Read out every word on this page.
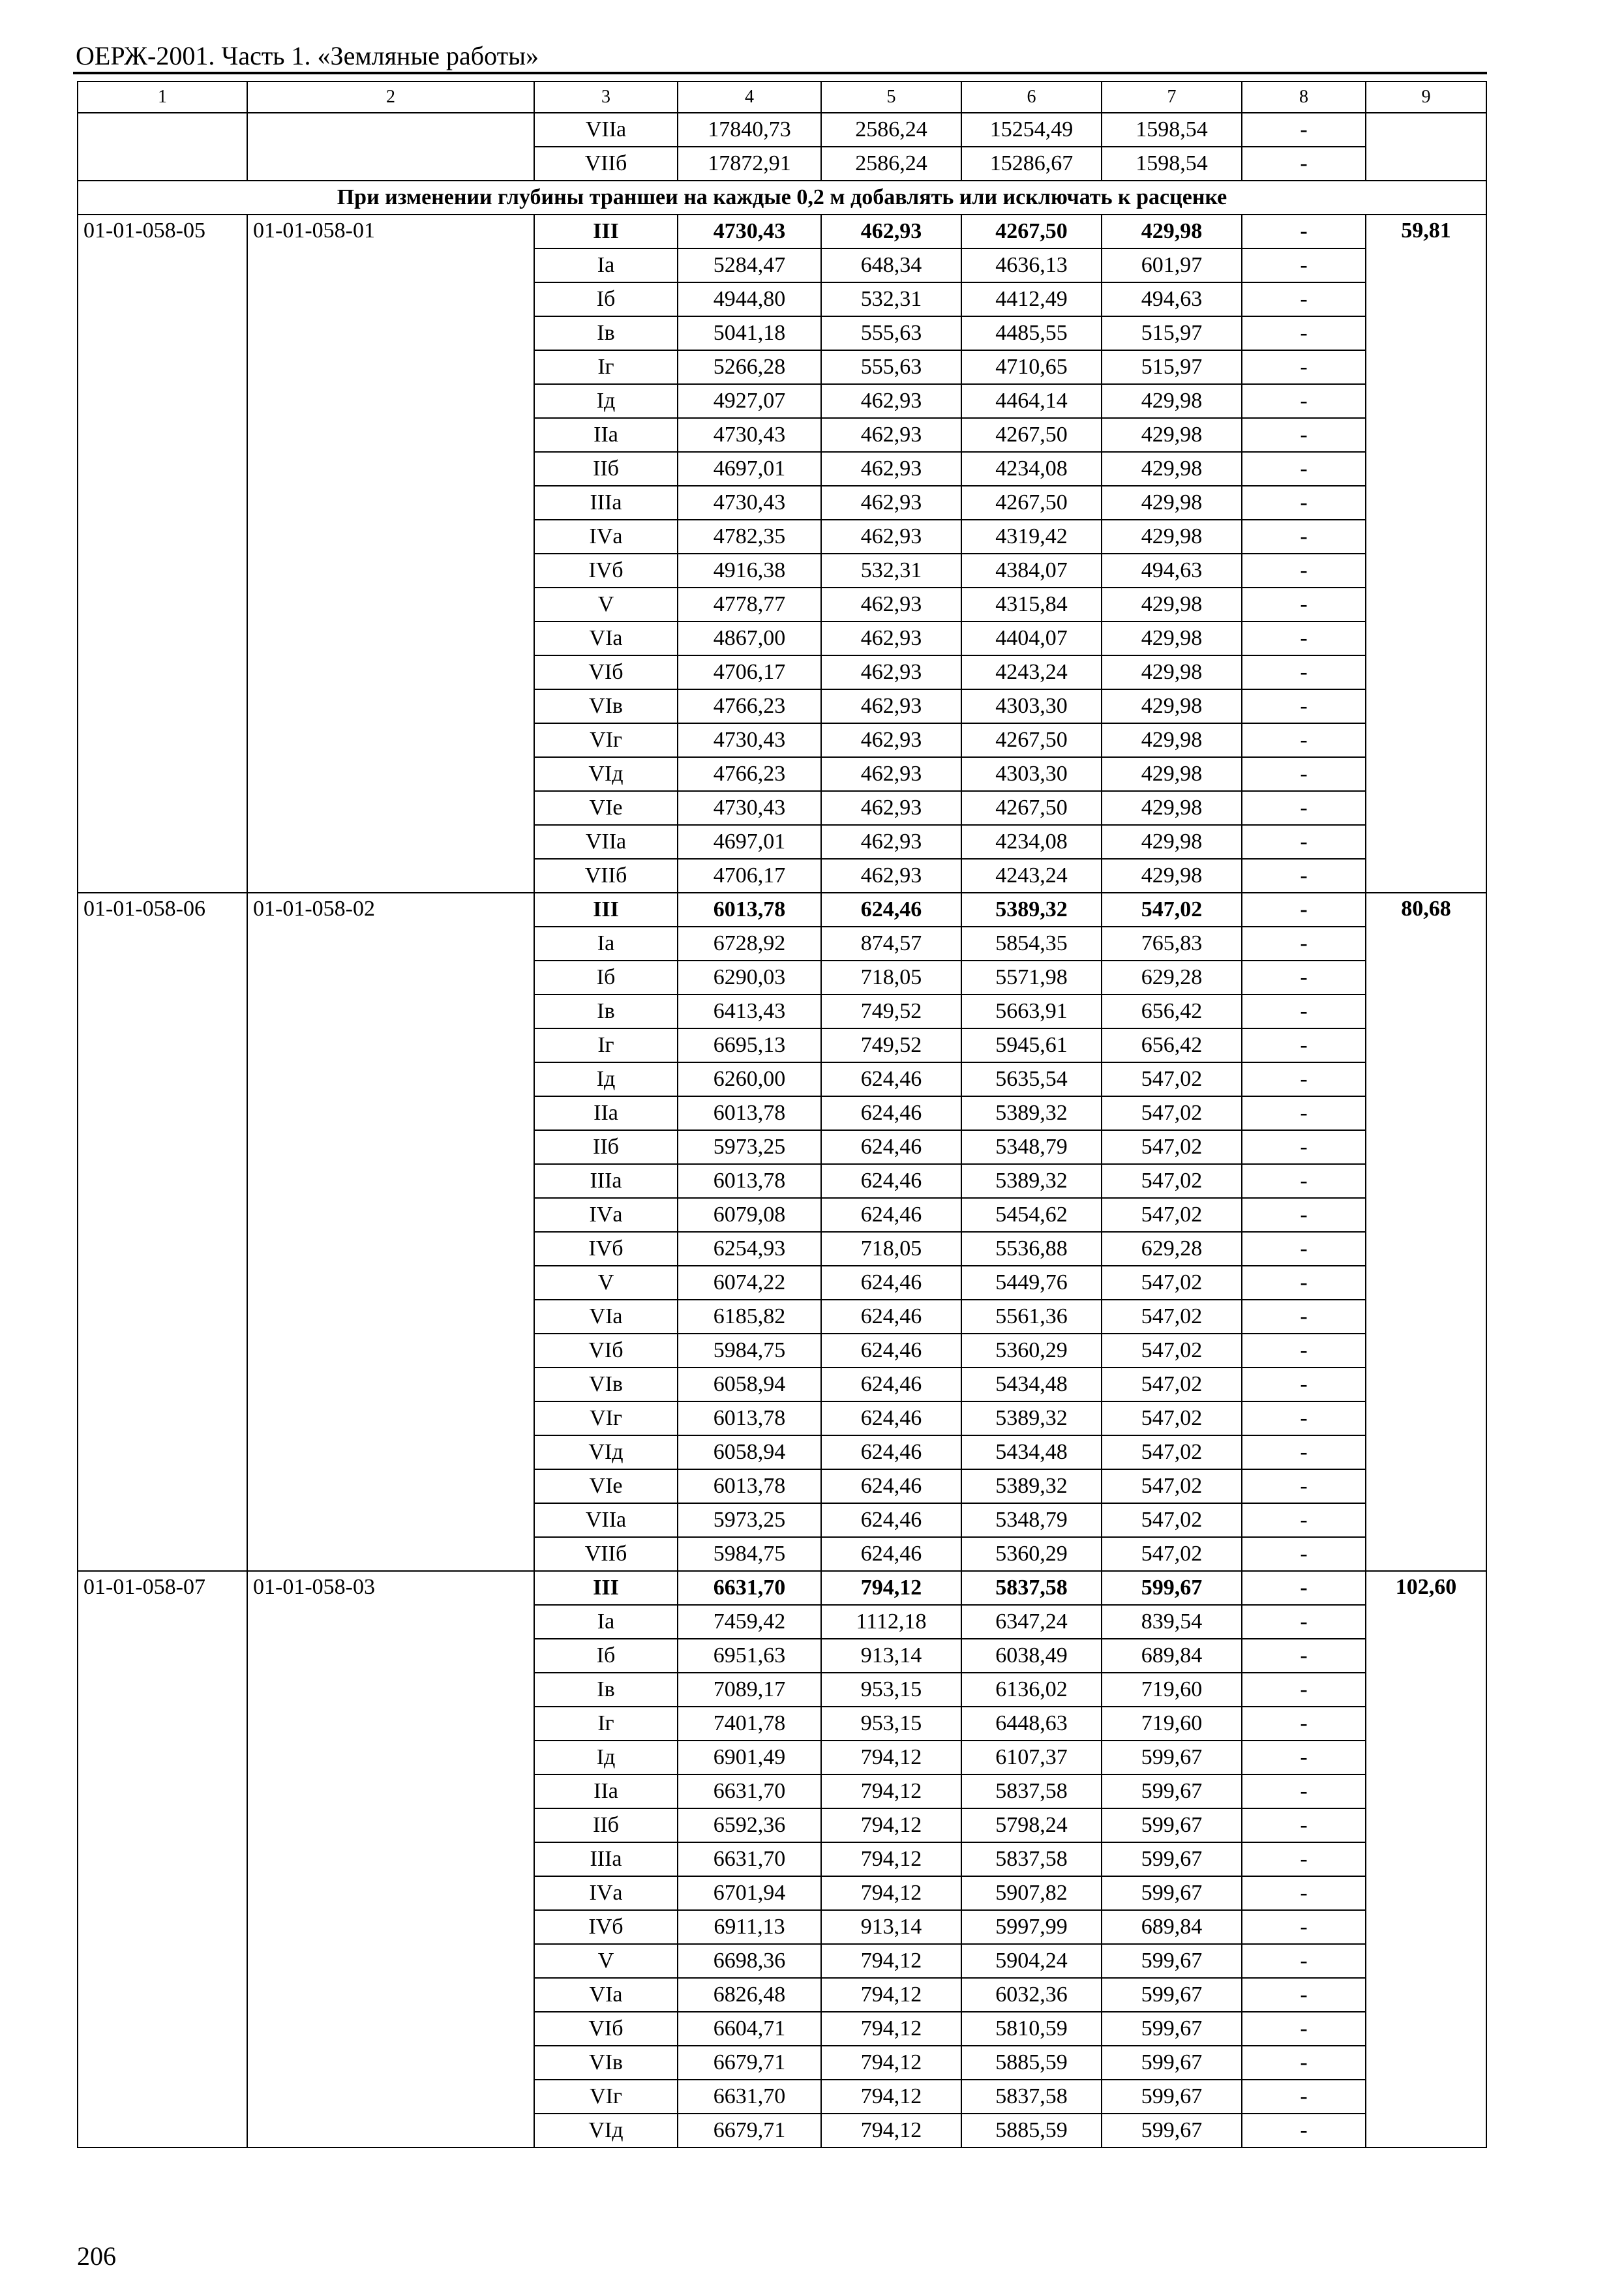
ОЕРЖ-2001. Часть 1. «Земляные работы»
1	2	3	4	5	6	7	8	9
		VIIа	17840,73	2586,24	15254,49	1598,54	-	
		VIIб	17872,91	2586,24	15286,67	1598,54	-	
При изменении глубины траншеи на каждые 0,2 м добавлять или исключать к расценке								
01-01-058-05	01-01-058-01	III	4730,43	462,93	4267,50	429,98	-	59,81
		Iа	5284,47	648,34	4636,13	601,97	-	
		Iб	4944,80	532,31	4412,49	494,63	-	
		Iв	5041,18	555,63	4485,55	515,97	-	
		Iг	5266,28	555,63	4710,65	515,97	-	
		Iд	4927,07	462,93	4464,14	429,98	-	
		IIа	4730,43	462,93	4267,50	429,98	-	
		IIб	4697,01	462,93	4234,08	429,98	-	
		IIIа	4730,43	462,93	4267,50	429,98	-	
		IVа	4782,35	462,93	4319,42	429,98	-	
		IVб	4916,38	532,31	4384,07	494,63	-	
		V	4778,77	462,93	4315,84	429,98	-	
		VIа	4867,00	462,93	4404,07	429,98	-	
		VIб	4706,17	462,93	4243,24	429,98	-	
		VIв	4766,23	462,93	4303,30	429,98	-	
		VIг	4730,43	462,93	4267,50	429,98	-	
		VIд	4766,23	462,93	4303,30	429,98	-	
		VIе	4730,43	462,93	4267,50	429,98	-	
		VIIа	4697,01	462,93	4234,08	429,98	-	
		VIIб	4706,17	462,93	4243,24	429,98	-	
01-01-058-06	01-01-058-02	III	6013,78	624,46	5389,32	547,02	-	80,68
		Iа	6728,92	874,57	5854,35	765,83	-	
		Iб	6290,03	718,05	5571,98	629,28	-	
		Iв	6413,43	749,52	5663,91	656,42	-	
		Iг	6695,13	749,52	5945,61	656,42	-	
		Iд	6260,00	624,46	5635,54	547,02	-	
		IIа	6013,78	624,46	5389,32	547,02	-	
		IIб	5973,25	624,46	5348,79	547,02	-	
		IIIа	6013,78	624,46	5389,32	547,02	-	
		IVа	6079,08	624,46	5454,62	547,02	-	
		IVб	6254,93	718,05	5536,88	629,28	-	
		V	6074,22	624,46	5449,76	547,02	-	
		VIа	6185,82	624,46	5561,36	547,02	-	
		VIб	5984,75	624,46	5360,29	547,02	-	
		VIв	6058,94	624,46	5434,48	547,02	-	
		VIг	6013,78	624,46	5389,32	547,02	-	
		VIд	6058,94	624,46	5434,48	547,02	-	
		VIе	6013,78	624,46	5389,32	547,02	-	
		VIIа	5973,25	624,46	5348,79	547,02	-	
		VIIб	5984,75	624,46	5360,29	547,02	-	
01-01-058-07	01-01-058-03	III	6631,70	794,12	5837,58	599,67	-	102,60
		Iа	7459,42	1112,18	6347,24	839,54	-	
		Iб	6951,63	913,14	6038,49	689,84	-	
		Iв	7089,17	953,15	6136,02	719,60	-	
		Iг	7401,78	953,15	6448,63	719,60	-	
		Iд	6901,49	794,12	6107,37	599,67	-	
		IIа	6631,70	794,12	5837,58	599,67	-	
		IIб	6592,36	794,12	5798,24	599,67	-	
		IIIа	6631,70	794,12	5837,58	599,67	-	
		IVа	6701,94	794,12	5907,82	599,67	-	
		IVб	6911,13	913,14	5997,99	689,84	-	
		V	6698,36	794,12	5904,24	599,67	-	
		VIа	6826,48	794,12	6032,36	599,67	-	
		VIб	6604,71	794,12	5810,59	599,67	-	
		VIв	6679,71	794,12	5885,59	599,67	-	
		VIг	6631,70	794,12	5837,58	599,67	-	
		VIд	6679,71	794,12	5885,59	599,67	-	
206
